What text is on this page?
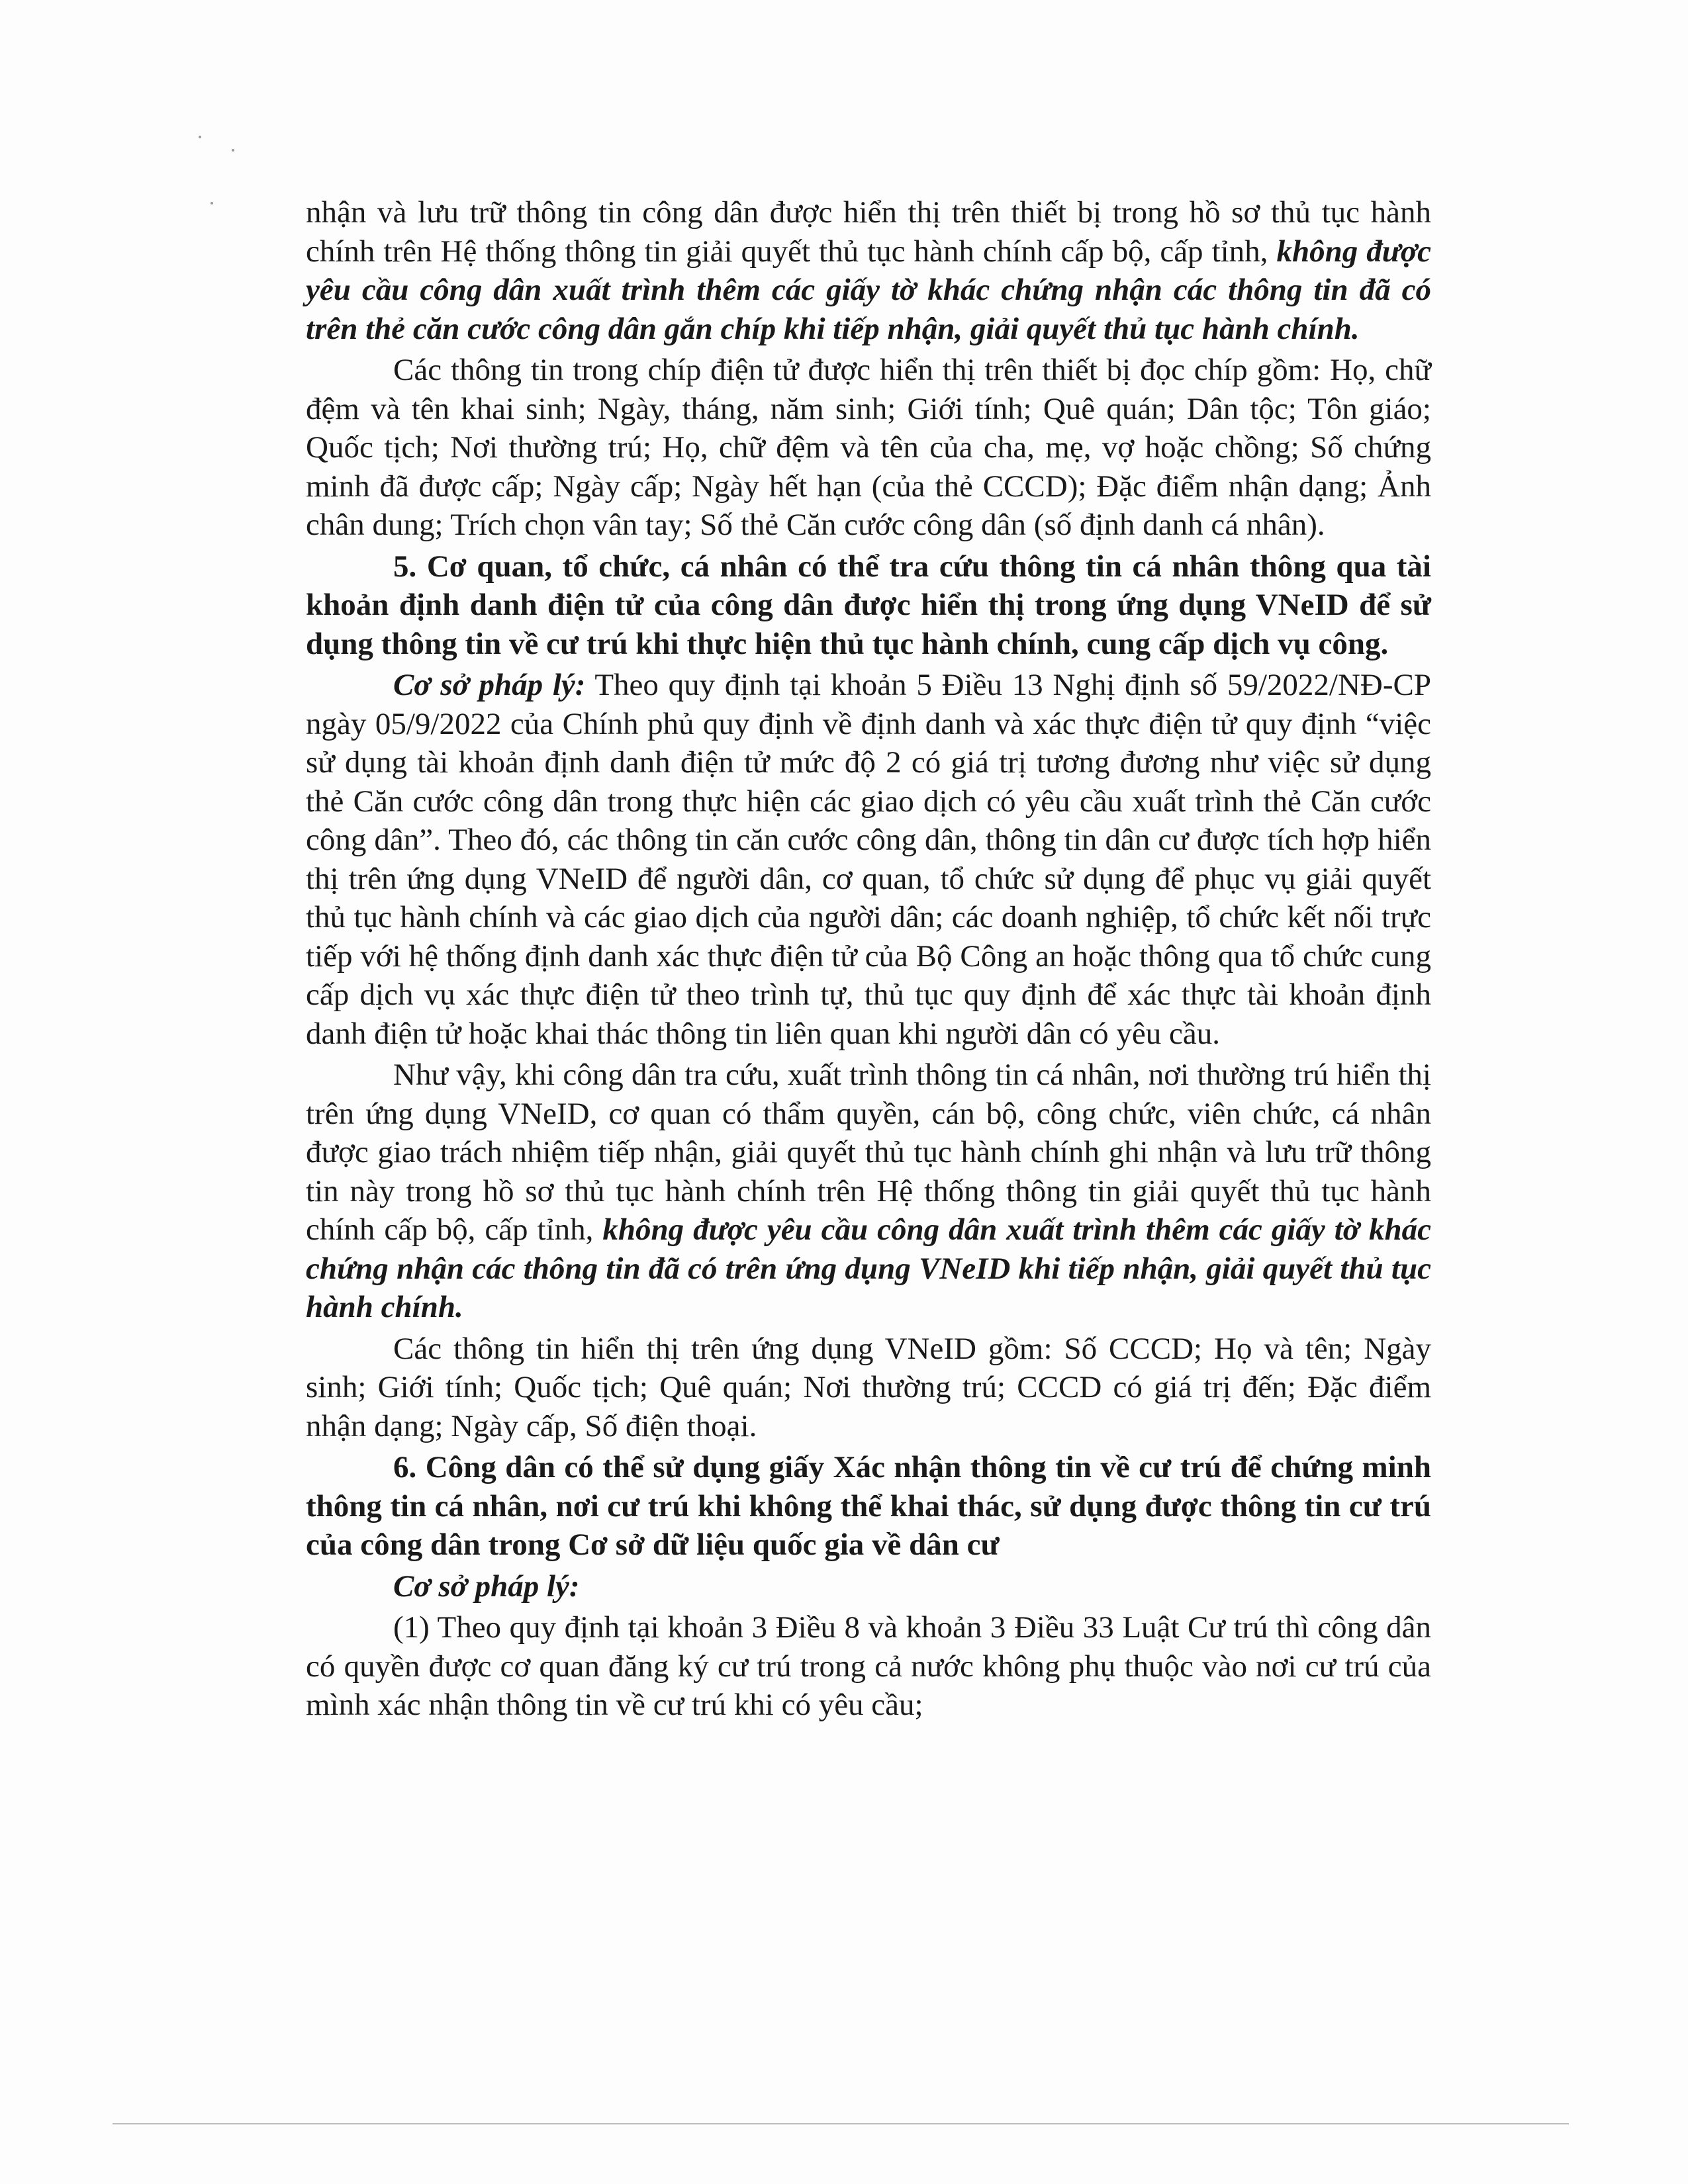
nhận và lưu trữ thông tin công dân được hiển thị trên thiết bị trong hồ sơ thủ tục hành chính trên Hệ thống thông tin giải quyết thủ tục hành chính cấp bộ, cấp tỉnh, không được yêu cầu công dân xuất trình thêm các giấy tờ khác chứng nhận các thông tin đã có trên thẻ căn cước công dân gắn chíp khi tiếp nhận, giải quyết thủ tục hành chính.

Các thông tin trong chíp điện tử được hiển thị trên thiết bị đọc chíp gồm: Họ, chữ đệm và tên khai sinh; Ngày, tháng, năm sinh; Giới tính; Quê quán; Dân tộc; Tôn giáo; Quốc tịch; Nơi thường trú; Họ, chữ đệm và tên của cha, mẹ, vợ hoặc chồng; Số chứng minh đã được cấp; Ngày cấp; Ngày hết hạn (của thẻ CCCD); Đặc điểm nhận dạng; Ảnh chân dung; Trích chọn vân tay; Số thẻ Căn cước công dân (số định danh cá nhân).

5. Cơ quan, tổ chức, cá nhân có thể tra cứu thông tin cá nhân thông qua tài khoản định danh điện tử của công dân được hiển thị trong ứng dụng VNeID để sử dụng thông tin về cư trú khi thực hiện thủ tục hành chính, cung cấp dịch vụ công.

Cơ sở pháp lý: Theo quy định tại khoản 5 Điều 13 Nghị định số 59/2022/NĐ-CP ngày 05/9/2022 của Chính phủ quy định về định danh và xác thực điện tử quy định “việc sử dụng tài khoản định danh điện tử mức độ 2 có giá trị tương đương như việc sử dụng thẻ Căn cước công dân trong thực hiện các giao dịch có yêu cầu xuất trình thẻ Căn cước công dân”. Theo đó, các thông tin căn cước công dân, thông tin dân cư được tích hợp hiển thị trên ứng dụng VNeID để người dân, cơ quan, tổ chức sử dụng để phục vụ giải quyết thủ tục hành chính và các giao dịch của người dân; các doanh nghiệp, tổ chức kết nối trực tiếp với hệ thống định danh xác thực điện tử của Bộ Công an hoặc thông qua tổ chức cung cấp dịch vụ xác thực điện tử theo trình tự, thủ tục quy định để xác thực tài khoản định danh điện tử hoặc khai thác thông tin liên quan khi người dân có yêu cầu.

Như vậy, khi công dân tra cứu, xuất trình thông tin cá nhân, nơi thường trú hiển thị trên ứng dụng VNeID, cơ quan có thẩm quyền, cán bộ, công chức, viên chức, cá nhân được giao trách nhiệm tiếp nhận, giải quyết thủ tục hành chính ghi nhận và lưu trữ thông tin này trong hồ sơ thủ tục hành chính trên Hệ thống thông tin giải quyết thủ tục hành chính cấp bộ, cấp tỉnh, không được yêu cầu công dân xuất trình thêm các giấy tờ khác chứng nhận các thông tin đã có trên ứng dụng VNeID khi tiếp nhận, giải quyết thủ tục hành chính.

Các thông tin hiển thị trên ứng dụng VNeID gồm: Số CCCD; Họ và tên; Ngày sinh; Giới tính; Quốc tịch; Quê quán; Nơi thường trú; CCCD có giá trị đến; Đặc điểm nhận dạng; Ngày cấp, Số điện thoại.

6. Công dân có thể sử dụng giấy Xác nhận thông tin về cư trú để chứng minh thông tin cá nhân, nơi cư trú khi không thể khai thác, sử dụng được thông tin cư trú của công dân trong Cơ sở dữ liệu quốc gia về dân cư

Cơ sở pháp lý:

(1) Theo quy định tại khoản 3 Điều 8 và khoản 3 Điều 33 Luật Cư trú thì công dân có quyền được cơ quan đăng ký cư trú trong cả nước không phụ thuộc vào nơi cư trú của mình xác nhận thông tin về cư trú khi có yêu cầu;
